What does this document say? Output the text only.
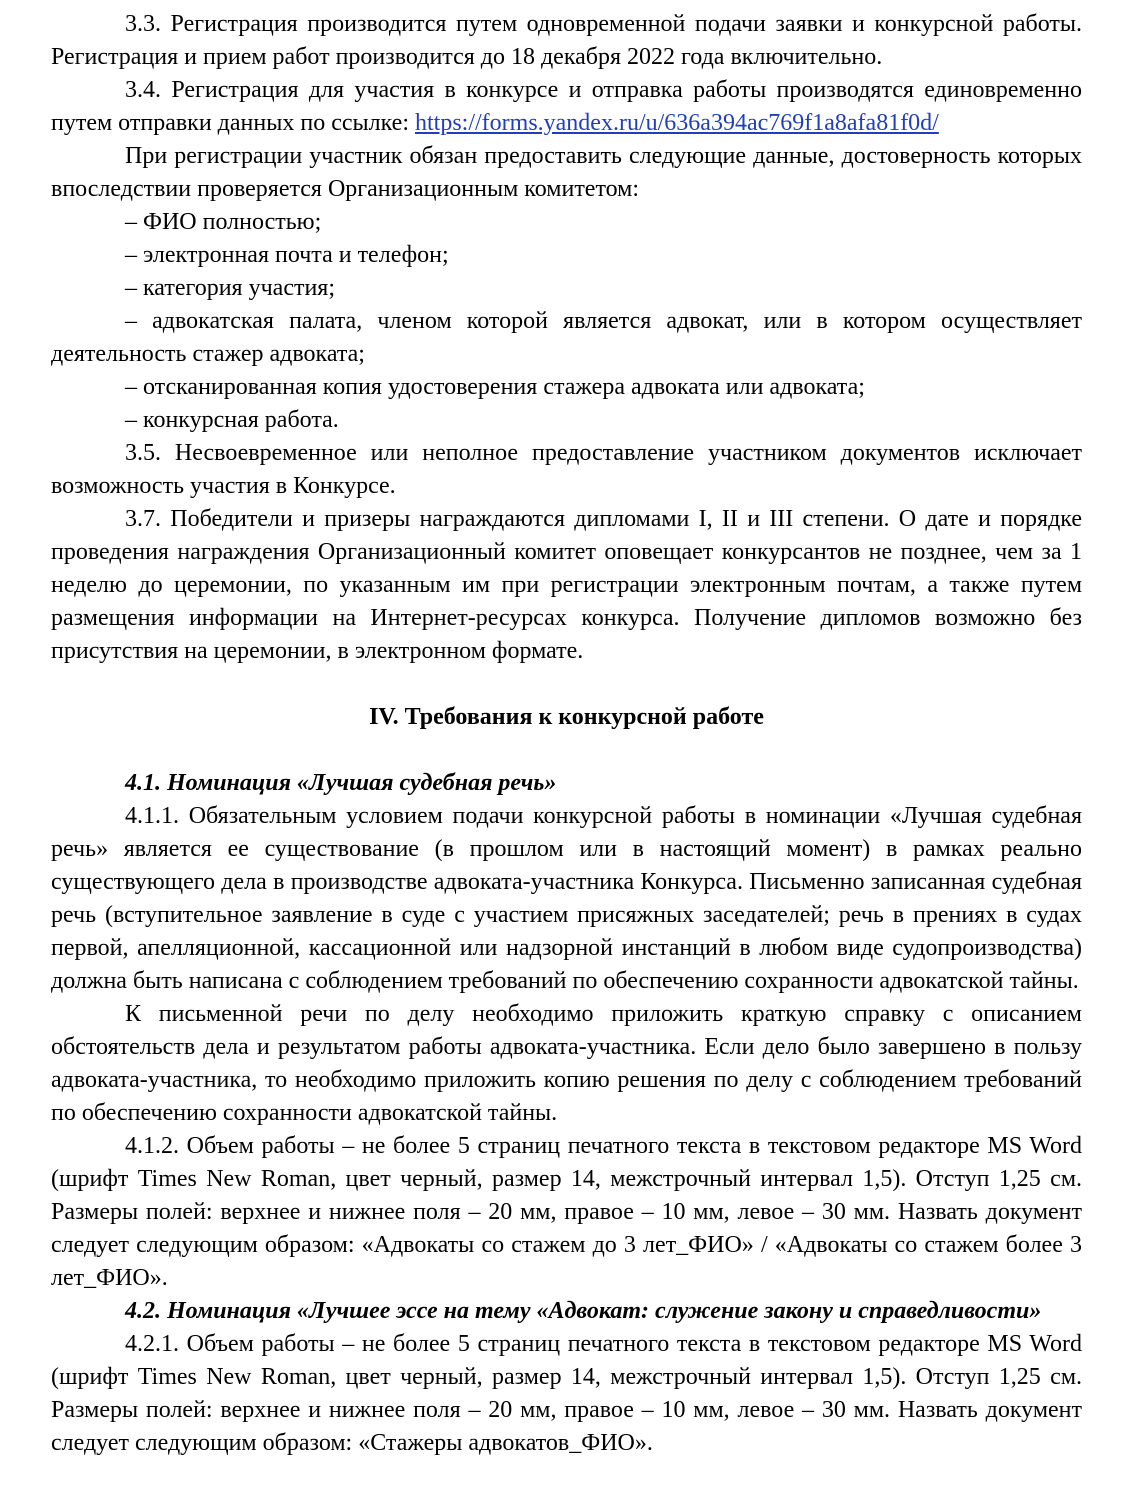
3.3. Регистрация производится путем одновременной подачи заявки и конкурсной работы. Регистрация и прием работ производится до 18 декабря 2022 года включительно.

3.4. Регистрация для участия в конкурсе и отправка работы производятся единовременно путем отправки данных по ссылке: https://forms.yandex.ru/u/636a394ac769f1a8afa81f0d/

При регистрации участник обязан предоставить следующие данные, достоверность которых впоследствии проверяется Организационным комитетом:

– ФИО полностью;

– электронная почта и телефон;

– категория участия;

– адвокатская палата, членом которой является адвокат, или в котором осуществляет деятельность стажер адвоката;

– отсканированная копия удостоверения стажера адвоката или адвоката;

– конкурсная работа.

3.5. Несвоевременное или неполное предоставление участником документов исключает возможность участия в Конкурсе.

3.7. Победители и призеры награждаются дипломами I, II и III степени. О дате и порядке проведения награждения Организационный комитет оповещает конкурсантов не позднее, чем за 1 неделю до церемонии, по указанным им при регистрации электронным почтам, а также путем размещения информации на Интернет-ресурсах конкурса. Получение дипломов возможно без присутствия на церемонии, в электронном формате.

IV. Требования к конкурсной работе

4.1. Номинация «Лучшая судебная речь»

4.1.1. Обязательным условием подачи конкурсной работы в номинации «Лучшая судебная речь» является ее существование (в прошлом или в настоящий момент) в рамках реально существующего дела в производстве адвоката-участника Конкурса. Письменно записанная судебная речь (вступительное заявление в суде с участием присяжных заседателей; речь в прениях в судах первой, апелляционной, кассационной или надзорной инстанций в любом виде судопроизводства) должна быть написана с соблюдением требований по обеспечению сохранности адвокатской тайны.

К письменной речи по делу необходимо приложить краткую справку с описанием обстоятельств дела и результатом работы адвоката-участника. Если дело было завершено в пользу адвоката-участника, то необходимо приложить копию решения по делу с соблюдением требований по обеспечению сохранности адвокатской тайны.

4.1.2. Объем работы – не более 5 страниц печатного текста в текстовом редакторе MS Word (шрифт Times New Roman, цвет черный, размер 14, межстрочный интервал 1,5). Отступ 1,25 см. Размеры полей: верхнее и нижнее поля – 20 мм, правое – 10 мм, левое – 30 мм. Назвать документ следует следующим образом: «Адвокаты со стажем до 3 лет_ФИО» / «Адвокаты со стажем более 3 лет_ФИО».

4.2. Номинация «Лучшее эссе на тему «Адвокат: служение закону и справедливости»

4.2.1. Объем работы – не более 5 страниц печатного текста в текстовом редакторе MS Word (шрифт Times New Roman, цвет черный, размер 14, межстрочный интервал 1,5). Отступ 1,25 см. Размеры полей: верхнее и нижнее поля – 20 мм, правое – 10 мм, левое – 30 мм. Назвать документ следует следующим образом: «Стажеры адвокатов_ФИО».
